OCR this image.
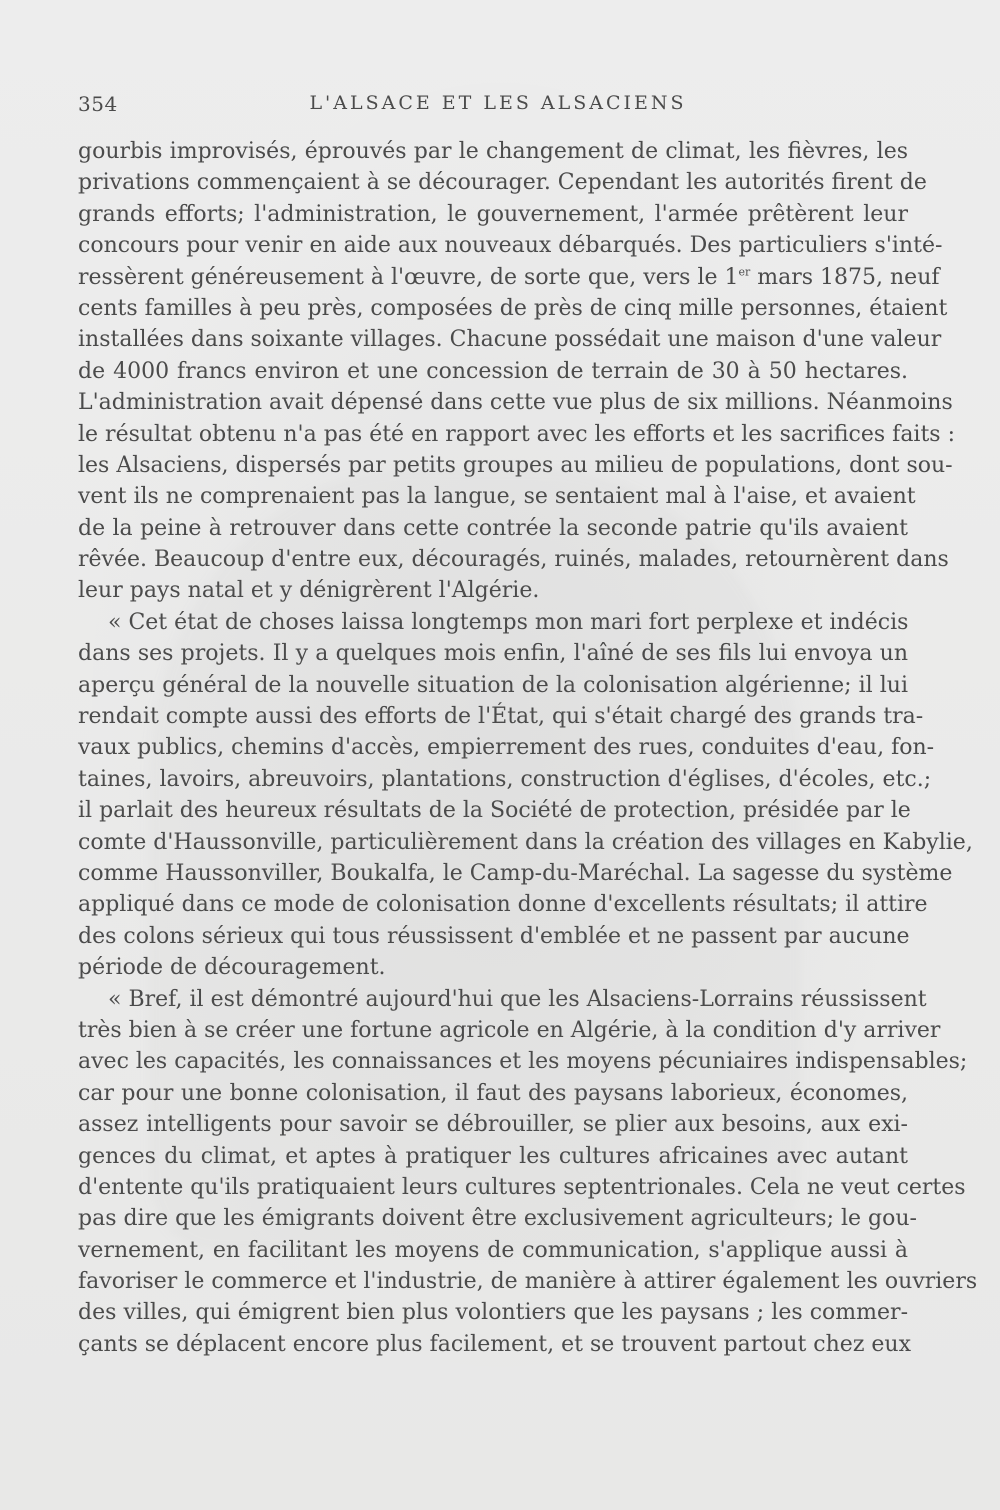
354	L'ALSACE ET LES ALSACIENS
gourbis improvisés, éprouvés par le changement de climat, les fièvres, les
privations commençaient à se décourager. Cependant les autorités firent de
grands efforts; l'administration, le gouvernement, l'armée prêtèrent leur
concours pour venir en aide aux nouveaux débarqués. Des particuliers s'inté-
ressèrent généreusement à l'œuvre, de sorte que, vers le 1er mars 1875, neuf
cents familles à peu près, composées de près de cinq mille personnes, étaient
installées dans soixante villages. Chacune possédait une maison d'une valeur
de 4000 francs environ et une concession de terrain de 30 à 50 hectares.
L'administration avait dépensé dans cette vue plus de six millions. Néanmoins
le résultat obtenu n'a pas été en rapport avec les efforts et les sacrifices faits :
les Alsaciens, dispersés par petits groupes au milieu de populations, dont sou-
vent ils ne comprenaient pas la langue, se sentaient mal à l'aise, et avaient
de la peine à retrouver dans cette contrée la seconde patrie qu'ils avaient
rêvée. Beaucoup d'entre eux, découragés, ruinés, malades, retournèrent dans
leur pays natal et y dénigrèrent l'Algérie.
« Cet état de choses laissa longtemps mon mari fort perplexe et indécis
dans ses projets. Il y a quelques mois enfin, l'aîné de ses fils lui envoya un
aperçu général de la nouvelle situation de la colonisation algérienne; il lui
rendait compte aussi des efforts de l'État, qui s'était chargé des grands tra-
vaux publics, chemins d'accès, empierrement des rues, conduites d'eau, fon-
taines, lavoirs, abreuvoirs, plantations, construction d'églises, d'écoles, etc.;
il parlait des heureux résultats de la Société de protection, présidée par le
comte d'Haussonville, particulièrement dans la création des villages en Kabylie,
comme Haussonviller, Boukalfa, le Camp-du-Maréchal. La sagesse du système
appliqué dans ce mode de colonisation donne d'excellents résultats; il attire
des colons sérieux qui tous réussissent d'emblée et ne passent par aucune
période de découragement.
« Bref, il est démontré aujourd'hui que les Alsaciens-Lorrains réussissent
très bien à se créer une fortune agricole en Algérie, à la condition d'y arriver
avec les capacités, les connaissances et les moyens pécuniaires indispensables;
car pour une bonne colonisation, il faut des paysans laborieux, économes,
assez intelligents pour savoir se débrouiller, se plier aux besoins, aux exi-
gences du climat, et aptes à pratiquer les cultures africaines avec autant
d'entente qu'ils pratiquaient leurs cultures septentrionales. Cela ne veut certes
pas dire que les émigrants doivent être exclusivement agriculteurs; le gou-
vernement, en facilitant les moyens de communication, s'applique aussi à
favoriser le commerce et l'industrie, de manière à attirer également les ouvriers
des villes, qui émigrent bien plus volontiers que les paysans ; les commer-
çants se déplacent encore plus facilement, et se trouvent partout chez eux
